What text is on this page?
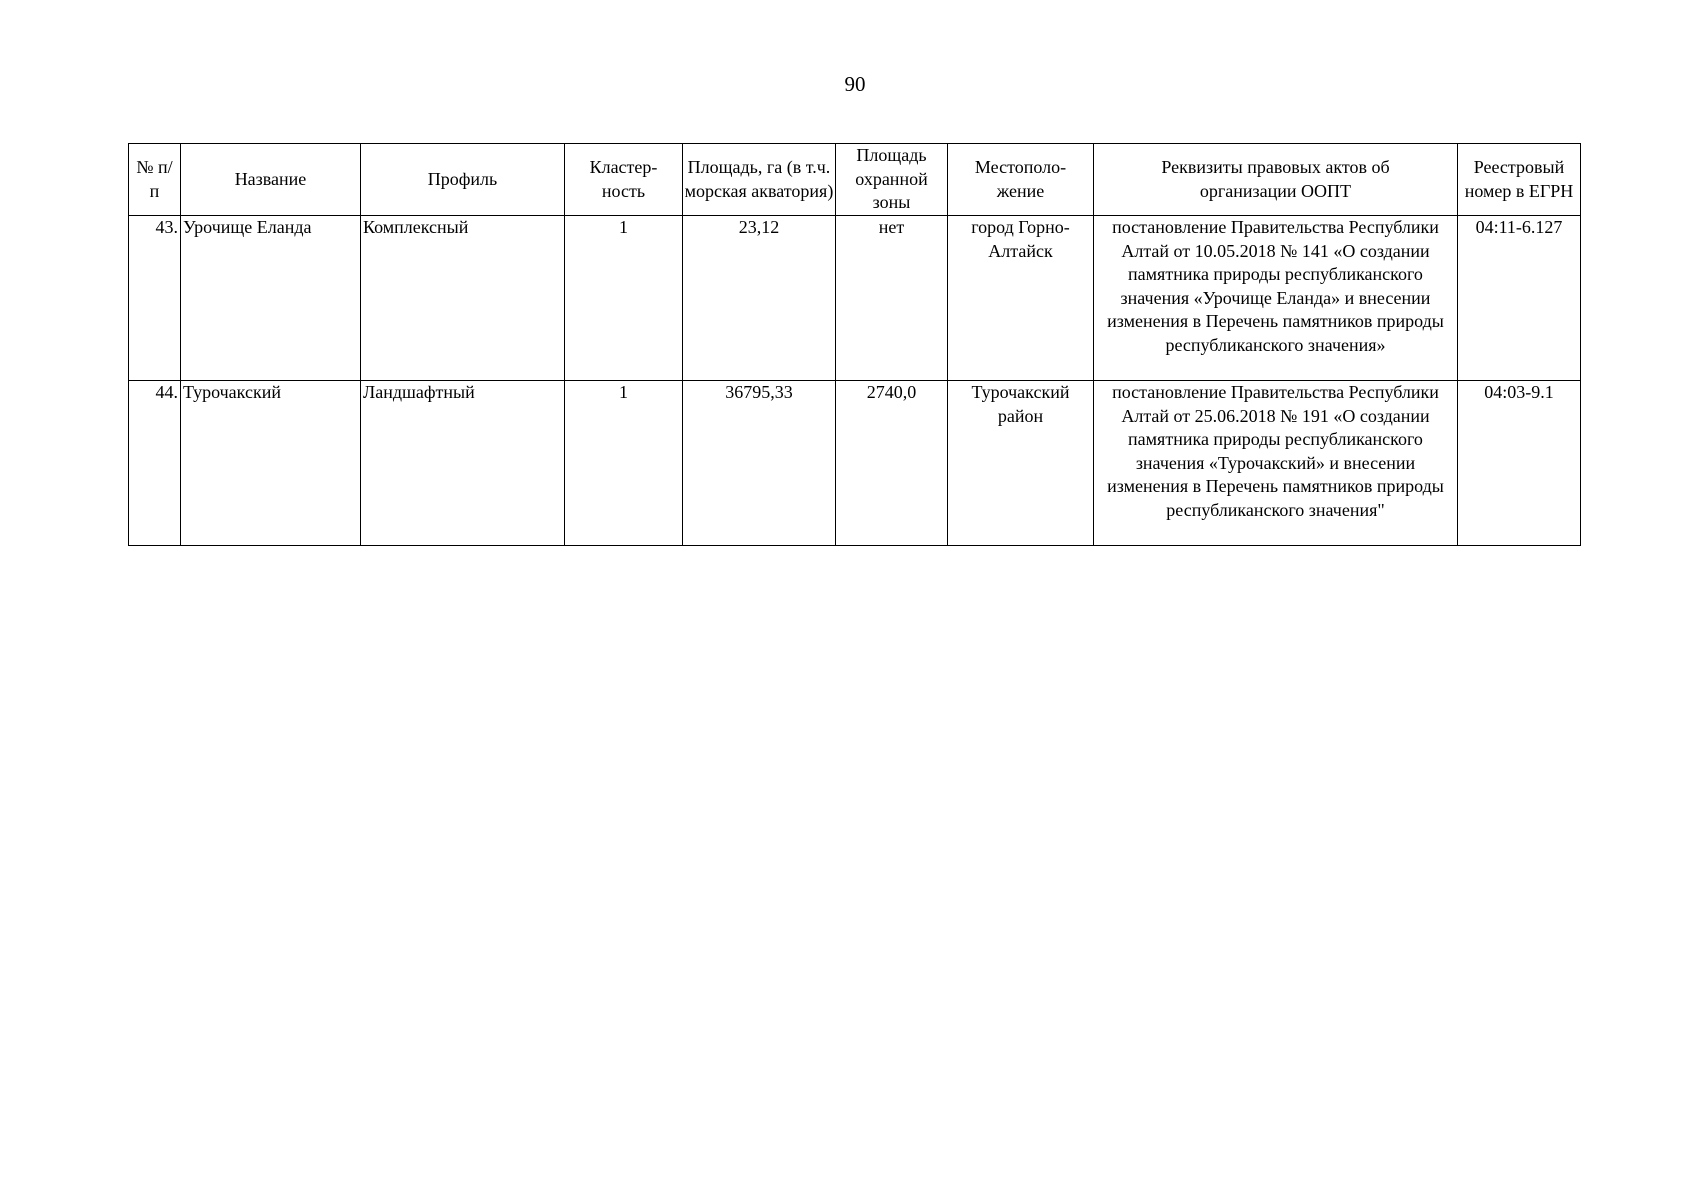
90
№ п/п	Название	Профиль	Кластер-ность	Площадь, га (в т.ч. морская акватория)	Площадь охранной зоны	Местополо-жение	Реквизиты правовых актов об организации ООПТ	Реестровый номер в ЕГРН
43.	Урочище Еланда	Комплексный	1	23,12	нет	город Горно-Алтайск	постановление Правительства Республики Алтай от 10.05.2018 № 141 «О создании памятника природы республиканского значения «Урочище Еланда» и внесении изменения в Перечень памятников природы республиканского значения»	04:11-6.127
44.	Турочакский	Ландшафтный	1	36795,33	2740,0	Турочакский район	постановление Правительства Республики Алтай от 25.06.2018 № 191 «О создании памятника природы республиканского значения «Турочакский» и внесении изменения в Перечень памятников природы республиканского значения"	04:03-9.1
